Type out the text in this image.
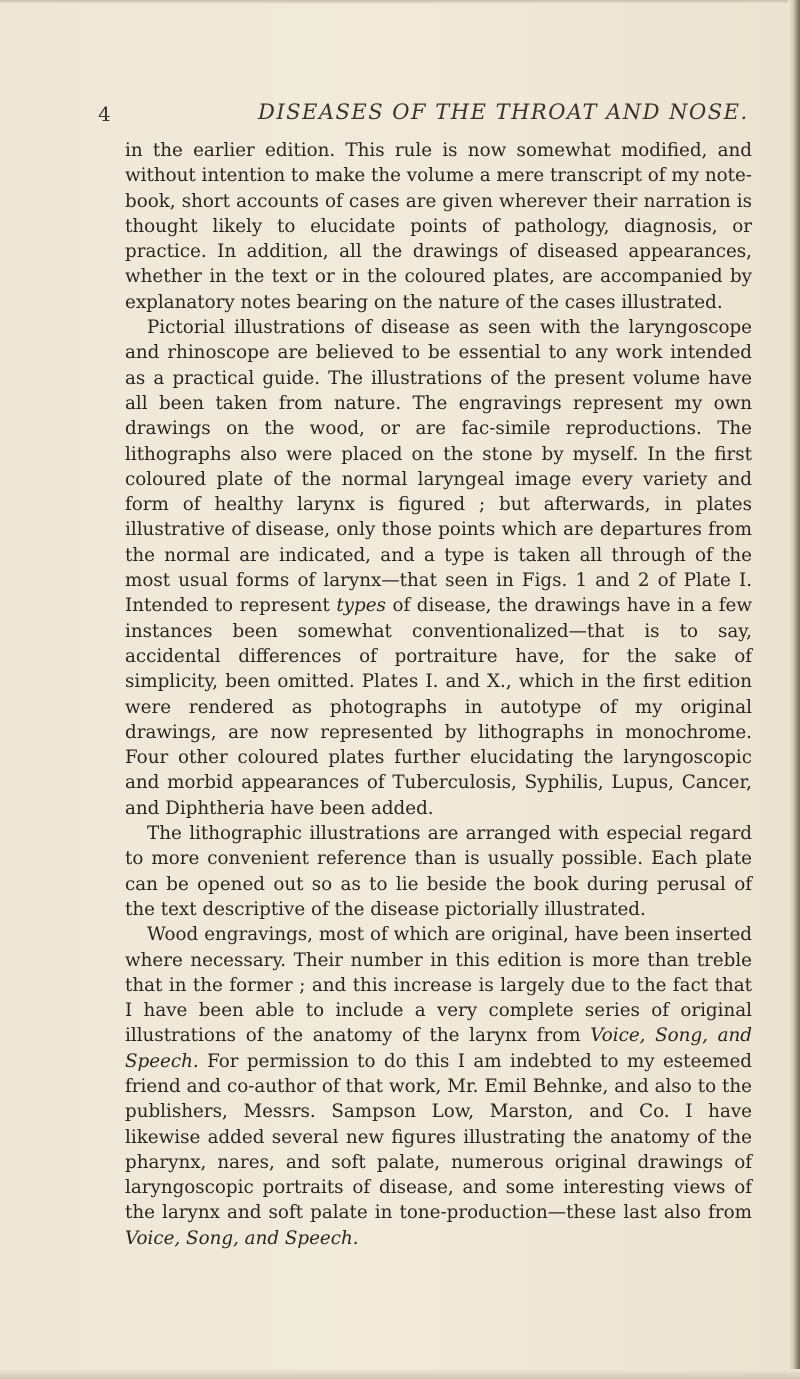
4	DISEASES OF THE THROAT AND NOSE.

in the earlier edition. This rule is now somewhat modified, and without intention to make the volume a mere transcript of my note-book, short accounts of cases are given wherever their narration is thought likely to elucidate points of pathology, diagnosis, or practice. In addition, all the drawings of diseased appearances, whether in the text or in the coloured plates, are accompanied by explanatory notes bearing on the nature of the cases illustrated.

Pictorial illustrations of disease as seen with the laryngoscope and rhinoscope are believed to be essential to any work intended as a practical guide. The illustrations of the present volume have all been taken from nature. The engravings represent my own drawings on the wood, or are fac-simile reproductions. The lithographs also were placed on the stone by myself. In the first coloured plate of the normal laryngeal image every variety and form of healthy larynx is figured ; but afterwards, in plates illustrative of disease, only those points which are departures from the normal are indicated, and a type is taken all through of the most usual forms of larynx—that seen in Figs. 1 and 2 of Plate I. Intended to represent types of disease, the drawings have in a few instances been somewhat conventionalized—that is to say, accidental differences of portraiture have, for the sake of simplicity, been omitted. Plates I. and X., which in the first edition were rendered as photographs in autotype of my original drawings, are now represented by lithographs in monochrome. Four other coloured plates further elucidating the laryngoscopic and morbid appearances of Tuberculosis, Syphilis, Lupus, Cancer, and Diphtheria have been added.

The lithographic illustrations are arranged with especial regard to more convenient reference than is usually possible. Each plate can be opened out so as to lie beside the book during perusal of the text descriptive of the disease pictorially illustrated.

Wood engravings, most of which are original, have been inserted where necessary. Their number in this edition is more than treble that in the former ; and this increase is largely due to the fact that I have been able to include a very complete series of original illustrations of the anatomy of the larynx from Voice, Song, and Speech. For permission to do this I am indebted to my esteemed friend and co-author of that work, Mr. Emil Behnke, and also to the publishers, Messrs. Sampson Low, Marston, and Co. I have likewise added several new figures illustrating the anatomy of the pharynx, nares, and soft palate, numerous original drawings of laryngoscopic portraits of disease, and some interesting views of the larynx and soft palate in tone-production—these last also from Voice, Song, and Speech.
